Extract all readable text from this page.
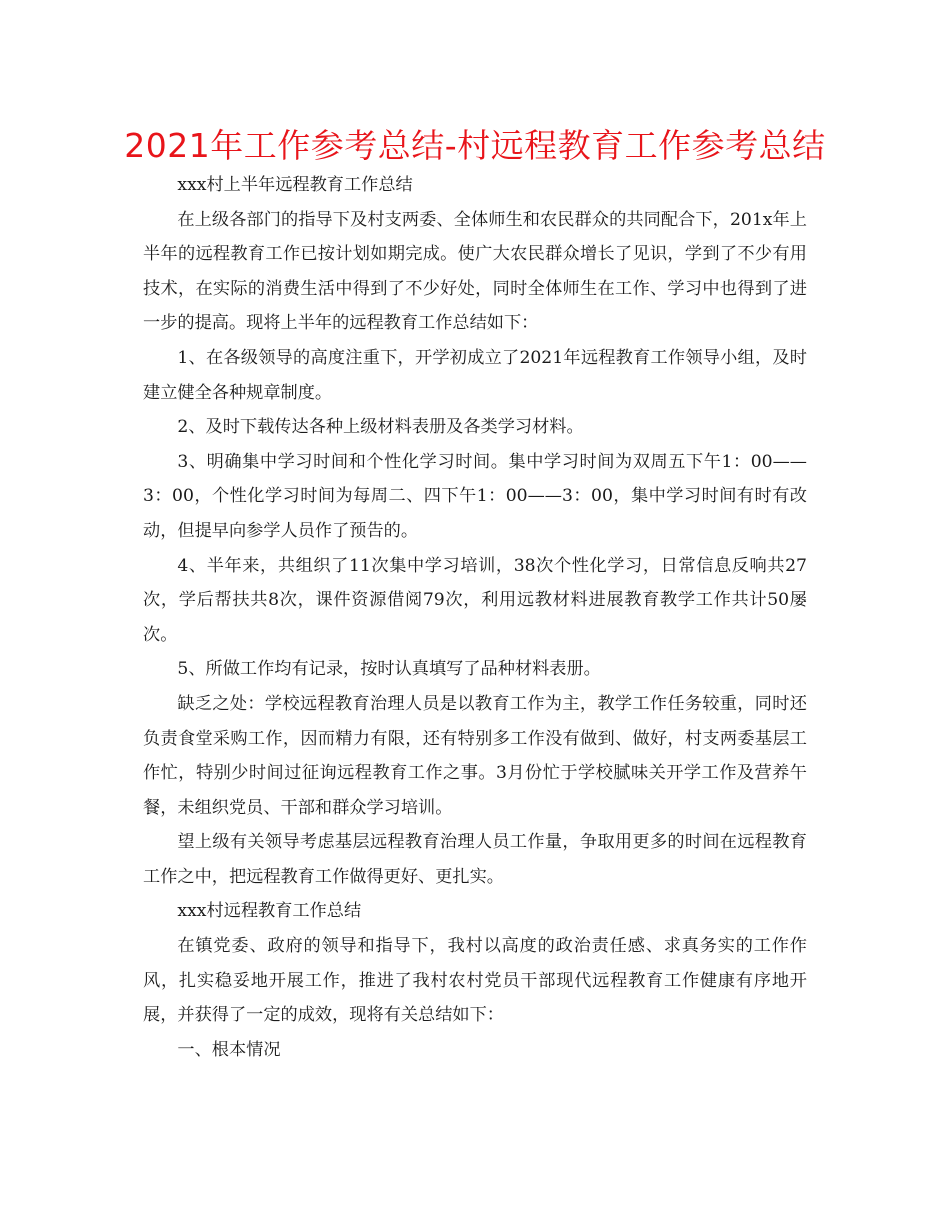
2021年工作参考总结-村远程教育工作参考总结

xxx村上半年远程教育工作总结

在上级各部门的指导下及村支两委、全体师生和农民群众的共同配合下，201x年上半年的远程教育工作已按计划如期完成。使广大农民群众增长了见识，学到了不少有用技术，在实际的消费生活中得到了不少好处，同时全体师生在工作、学习中也得到了进一步的提高。现将上半年的远程教育工作总结如下：

1、在各级领导的高度注重下，开学初成立了2021年远程教育工作领导小组，及时建立健全各种规章制度。

2、及时下载传达各种上级材料表册及各类学习材料。

3、明确集中学习时间和个性化学习时间。集中学习时间为双周五下午1：00——3：00，个性化学习时间为每周二、四下午1：00——3：00，集中学习时间有时有改动，但提早向参学人员作了预告的。

4、半年来，共组织了11次集中学习培训，38次个性化学习，日常信息反响共27次，学后帮扶共8次，课件资源借阅79次，利用远教材料进展教育教学工作共计50屡次。

5、所做工作均有记录，按时认真填写了品种材料表册。

缺乏之处：学校远程教育治理人员是以教育工作为主，教学工作任务较重，同时还负责食堂采购工作，因而精力有限，还有特别多工作没有做到、做好，村支两委基层工作忙，特别少时间过征询远程教育工作之事。3月份忙于学校腻味关开学工作及营养午餐，未组织党员、干部和群众学习培训。

望上级有关领导考虑基层远程教育治理人员工作量，争取用更多的时间在远程教育工作之中，把远程教育工作做得更好、更扎实。

xxx村远程教育工作总结

在镇党委、政府的领导和指导下，我村以高度的政治责任感、求真务实的工作作风，扎实稳妥地开展工作，推进了我村农村党员干部现代远程教育工作健康有序地开展，并获得了一定的成效，现将有关总结如下：

一、根本情况
